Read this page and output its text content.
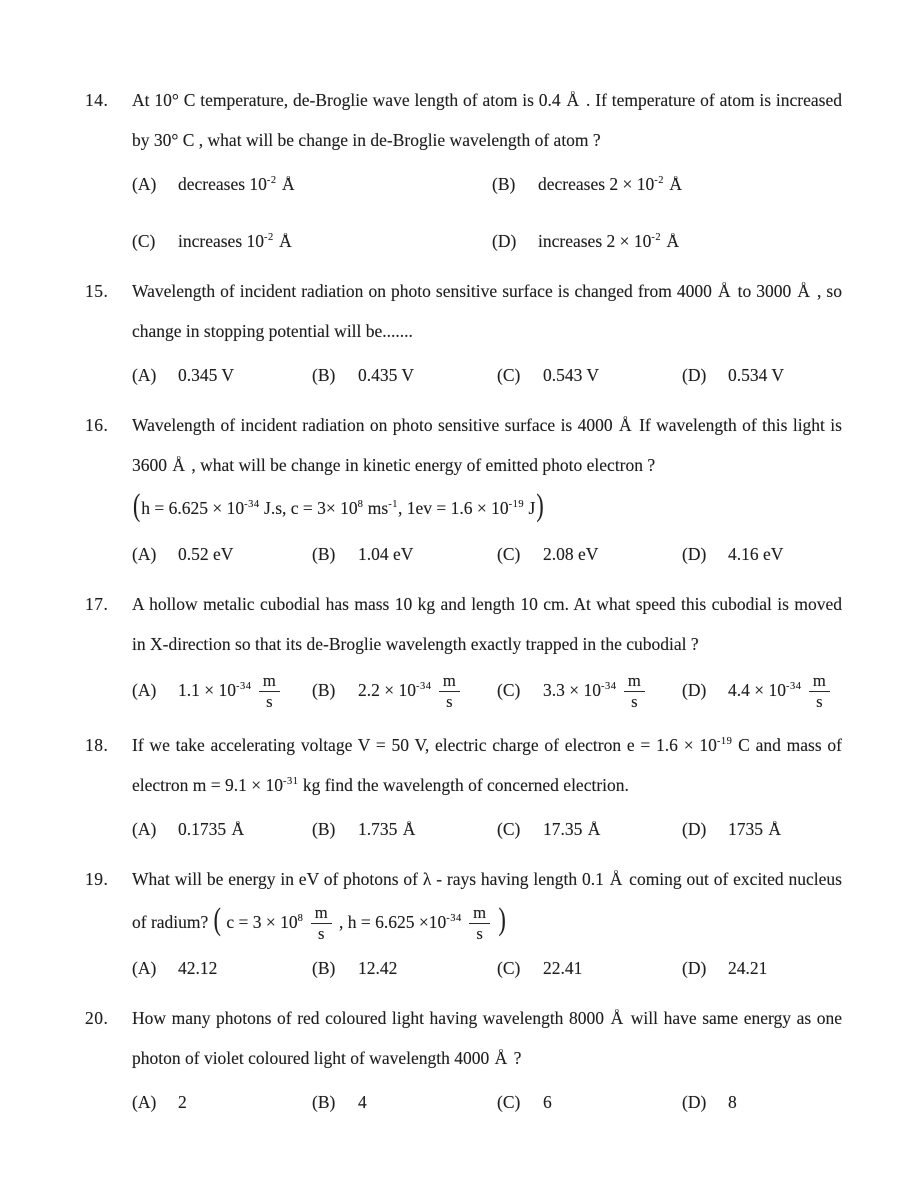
14.	At 10° C temperature, de-Broglie wave length of atom is 0.4 A o . If temperature of atom is increased
by 30° C , what will be change in de-Broglie wavelength of atom ?
(A)	decreases $10^{-2}$ A o	(B)	decreases $2 \times 10^{-2}$ A o
(C)	increases $10^{-2}$ A o	(D)	increases $2 \times 10^{-2}$ A o
15.	Wavelength of incident radiation on photo sensitive surface is changed from 4000 A o to 3000 A o , so
change in stopping potential will be.......
(A)	0.345 V	(B)	0.435 V	(C)	0.543 V	(D)	0.534 V
16.	Wavelength of incident radiation on photo sensitive surface is 4000 A o If wavelength of this light is
3600 A o , what will be change in kinetic energy of emitted photo electron ?
($h = 6.625 \times 10^{-34}$ J.s, $c = 3\times 10^8$ $ms^{-1}$, $1ev = 1.6 \times 10^{-19}$ J)
(A)	0.52 eV	(B)	1.04 eV	(C)	2.08 eV	(D)	4.16 eV
17.	A hollow metalic cubodial has mass 10 kg and length 10 cm. At what speed this cubodial is moved
in X-direction so that its de-Broglie wavelength exactly trapped in the cubodial ?
(A)	$1.1 \times 10^{-34} \frac{m}{s} (B)$	$2.2 \times 10^{-34} \frac{m}{s} (C)$	$3.3 \times 10^{-34} \frac{m}{s} (D)$	$4.4 \times 10^{-34} \frac{m}{s}$
18.	If we take accelerating voltage V = 50 V, electric charge of electron $e = 1.6 \times 10^{-19}$ C and mass of
electron $m = 9.1 \times 10^{-31}$ kg find the wavelength of concerned electrion.
(A)	0.1735 A o	(B)	1.735 A o	(C)	17.35 A o	(D)	1735 A o
19.	What will be energy in eV of photons of λ - rays having length 0.1 A o coming out of excited nucleus
of radium? ( $c = 3 \times 10^8 \frac{m}{s}$ , $h = 6.625 \times 10^{-34} \frac{m}{s}$ )
(A)	42.12	(B)	12.42	(C)	22.41	(D)	24.21
20.	How many photons of red coloured light having wavelength 8000 A o will have same energy as one
photon of violet coloured light of wavelength 4000 A o ?
(A)	2	(B)	4	(C)	6	(D)	8
